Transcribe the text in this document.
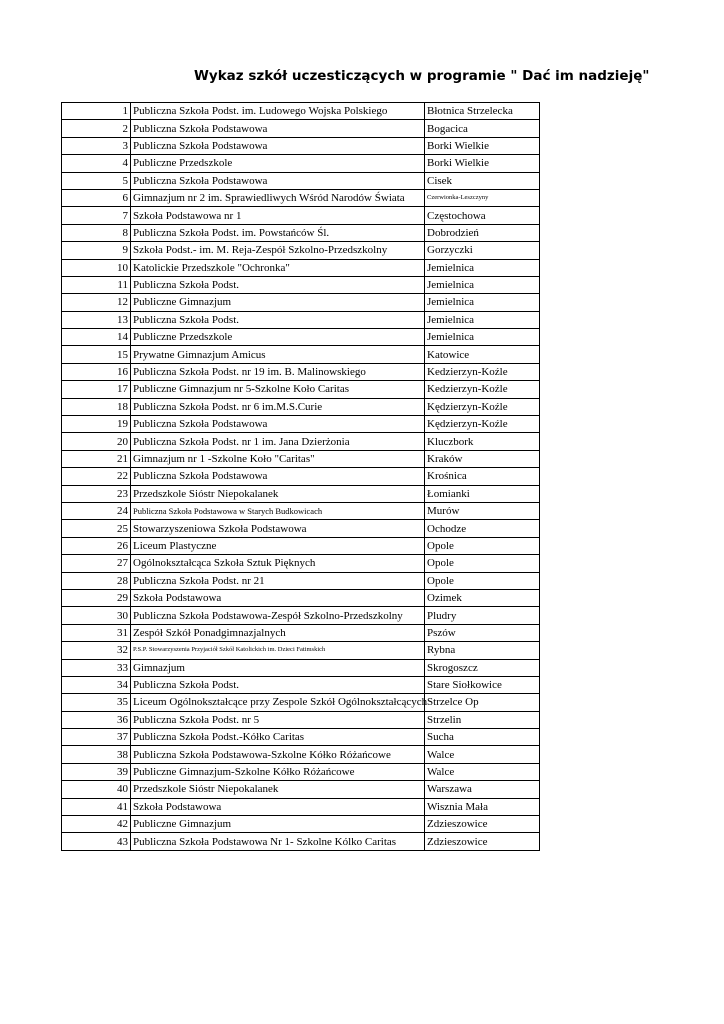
Wykaz szkół uczesticzących w programie " Dać im nadzieję"
1	Publiczna Szkoła Podst. im. Ludowego Wojska Polskiego	Błotnica Strzelecka
2	Publiczna Szkoła Podstawowa	Bogacica
3	Publiczna Szkoła Podstawowa	Borki Wielkie
4	Publiczne Przedszkole	Borki Wielkie
5	Publiczna Szkoła Podstawowa	Cisek
6	Gimnazjum nr 2 im. Sprawiedliwych Wśród Narodów Świata	Czerwionka-Leszczyny
7	Szkoła Podstawowa nr 1	Częstochowa
8	Publiczna Szkoła Podst. im. Powstańców Śl.	Dobrodzień
9	Szkoła Podst.- im. M. Reja-Zespół Szkolno-Przedszkolny	Gorzyczki
10	Katolickie Przedszkole "Ochronka"	Jemielnica
11	Publiczna Szkoła Podst.	Jemielnica
12	Publiczne Gimnazjum	Jemielnica
13	Publiczna Szkoła Podst.	Jemielnica
14	Publiczne Przedszkole	Jemielnica
15	Prywatne Gimnazjum Amicus	Katowice
16	Publiczna Szkoła Podst. nr 19 im. B. Malinowskiego	Kedzierzyn-Koźle
17	Publiczne Gimnazjum nr 5-Szkolne Koło Caritas	Kedzierzyn-Koźle
18	Publiczna Szkoła Podst. nr 6 im.M.S.Curie	Kędzierzyn-Koźle
19	Publiczna Szkoła Podstawowa	Kędzierzyn-Koźle
20	Publiczna Szkoła Podst. nr 1 im. Jana Dzierżonia	Kluczbork
21	Gimnazjum nr 1 -Szkolne Koło "Caritas"	Kraków
22	Publiczna Szkoła Podstawowa	Krośnica
23	Przedszkole Sióstr Niepokalanek	Łomianki
24	Publiczna Szkoła Podstawowa w Starych Budkowicach	Murów
25	Stowarzyszeniowa Szkoła Podstawowa	Ochodze
26	Liceum Plastyczne	Opole
27	Ogólnokształcąca Szkoła Sztuk Pięknych	Opole
28	Publiczna Szkoła Podst. nr 21	Opole
29	Szkoła Podstawowa	Ozimek
30	Publiczna Szkoła Podstawowa-Zespół Szkolno-Przedszkolny	Pludry
31	Zespół Szkół Ponadgimnazjalnych	Pszów
32	P.S.P. Stowarzyszenia Przyjaciół Szkół Katolickich im. Dzieci Fatimskich	Rybna
33	Gimnazjum	Skrogoszcz
34	Publiczna Szkoła Podst.	Stare Siołkowice
35	Liceum Ogólnokształcące przy Zespole Szkół Ogólnokształcących	Strzelce Op
36	Publiczna Szkoła Podst. nr 5	Strzelin
37	Publiczna Szkoła Podst.-Kółko Caritas	Sucha
38	Publiczna Szkoła Podstawowa-Szkolne Kółko Różańcowe	Walce
39	Publiczne Gimnazjum-Szkolne Kółko Różańcowe	Walce
40	Przedszkole Sióstr Niepokalanek	Warszawa
41	Szkoła Podstawowa	Wisznia Mała
42	Publiczne Gimnazjum	Zdzieszowice
43	Publiczna Szkoła Podstawowa Nr 1- Szkolne Kólko Caritas	Zdzieszowice
